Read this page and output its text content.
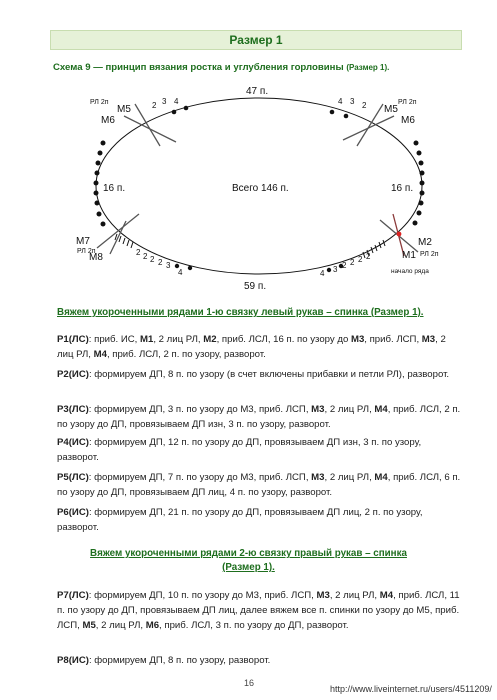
Размер 1
Схема 9 — принцип вязания ростка и углубления горловины (Размер 1).
2 3 4	4 3 2
2 2 2 2 3
4	4 3 2 2 2 2
47 п.
59 п.
16 п.	16 п.
Всего 146 п.
РЛ 2п
M5
M6
РЛ 2п
M5
M6
M7
РЛ 2п
M8
M2
M1 РЛ 2п
начало ряда
Вяжем укороченными рядами 1-ю связку левый рукав – спинка (Размер 1).
Р1(ЛС): приб. ИС, M1, 2 лиц РЛ, M2, приб. ЛСЛ, 16 п. по узору до M3, приб. ЛСП, M3, 2 лиц РЛ, M4, приб. ЛСЛ, 2 п. по узору, разворот.
Р2(ИС): формируем ДП, 8 п. по узору (в счет включены прибавки и петли РЛ), разворот.
Р3(ЛС): формируем ДП, 3 п. по узору до М3, приб. ЛСП, M3, 2 лиц РЛ, M4, приб. ЛСЛ, 2 п. по узору до ДП, провязываем ДП изн, 3 п. по узору, разворот.
Р4(ИС): формируем ДП, 12 п. по узору до ДП, провязываем ДП изн, 3 п. по узору, разворот.
Р5(ЛС): формируем ДП, 7 п. по узору до М3, приб. ЛСП, M3, 2 лиц РЛ, M4, приб. ЛСЛ, 6 п. по узору до ДП, провязываем ДП лиц, 4 п. по узору, разворот.
Р6(ИС): формируем ДП, 21 п. по узору до ДП, провязываем ДП лиц, 2 п. по узору, разворот.
Вяжем укороченными рядами 2-ю связку правый рукав – спинка
(Размер 1).
Р7(ЛС): формируем ДП, 10 п. по узору до М3, приб. ЛСП, M3, 2 лиц РЛ, M4, приб. ЛСЛ, 11 п. по узору до ДП, провязываем ДП лиц, далее вяжем все п. спинки по узору до М5, приб. ЛСП, M5, 2 лиц РЛ, M6, приб. ЛСЛ, 3 п. по узору до ДП, разворот.
Р8(ИС): формируем ДП, 8 п. по узору, разворот.
16
http://www.liveinternet.ru/users/4511209/
